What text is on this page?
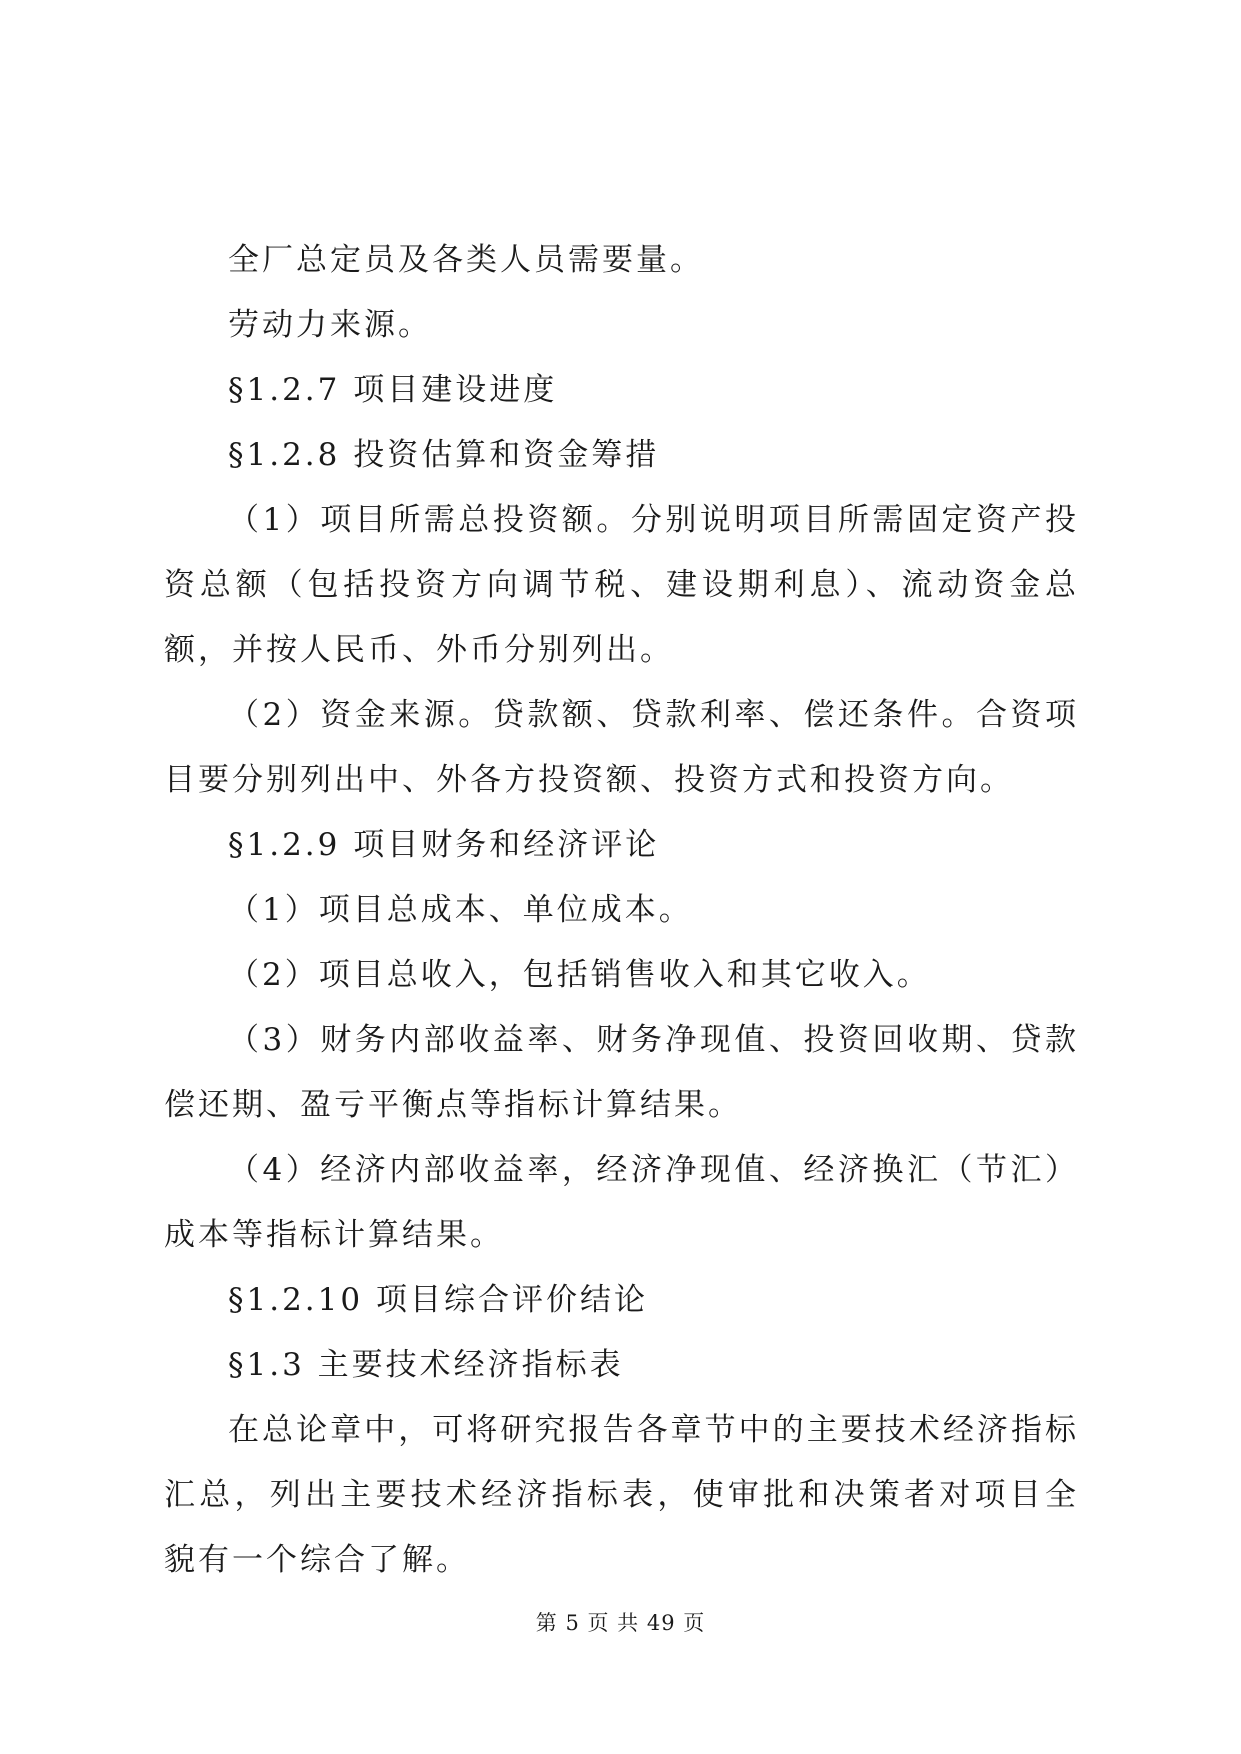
全厂总定员及各类人员需要量。

劳动力来源。

§1.2.7 项目建设进度

§1.2.8 投资估算和资金筹措

（1）项目所需总投资额。分别说明项目所需固定资产投资总额（包括投资方向调节税、建设期利息）、流动资金总额，并按人民币、外币分别列出。

（2）资金来源。贷款额、贷款利率、偿还条件。合资项目要分别列出中、外各方投资额、投资方式和投资方向。

§1.2.9 项目财务和经济评论

（1）项目总成本、单位成本。

（2）项目总收入，包括销售收入和其它收入。

（3）财务内部收益率、财务净现值、投资回收期、贷款偿还期、盈亏平衡点等指标计算结果。

（4）经济内部收益率，经济净现值、经济换汇（节汇）成本等指标计算结果。

§1.2.10 项目综合评价结论

§1.3 主要技术经济指标表

在总论章中，可将研究报告各章节中的主要技术经济指标汇总，列出主要技术经济指标表，使审批和决策者对项目全貌有一个综合了解。

第 5 页 共 49 页
